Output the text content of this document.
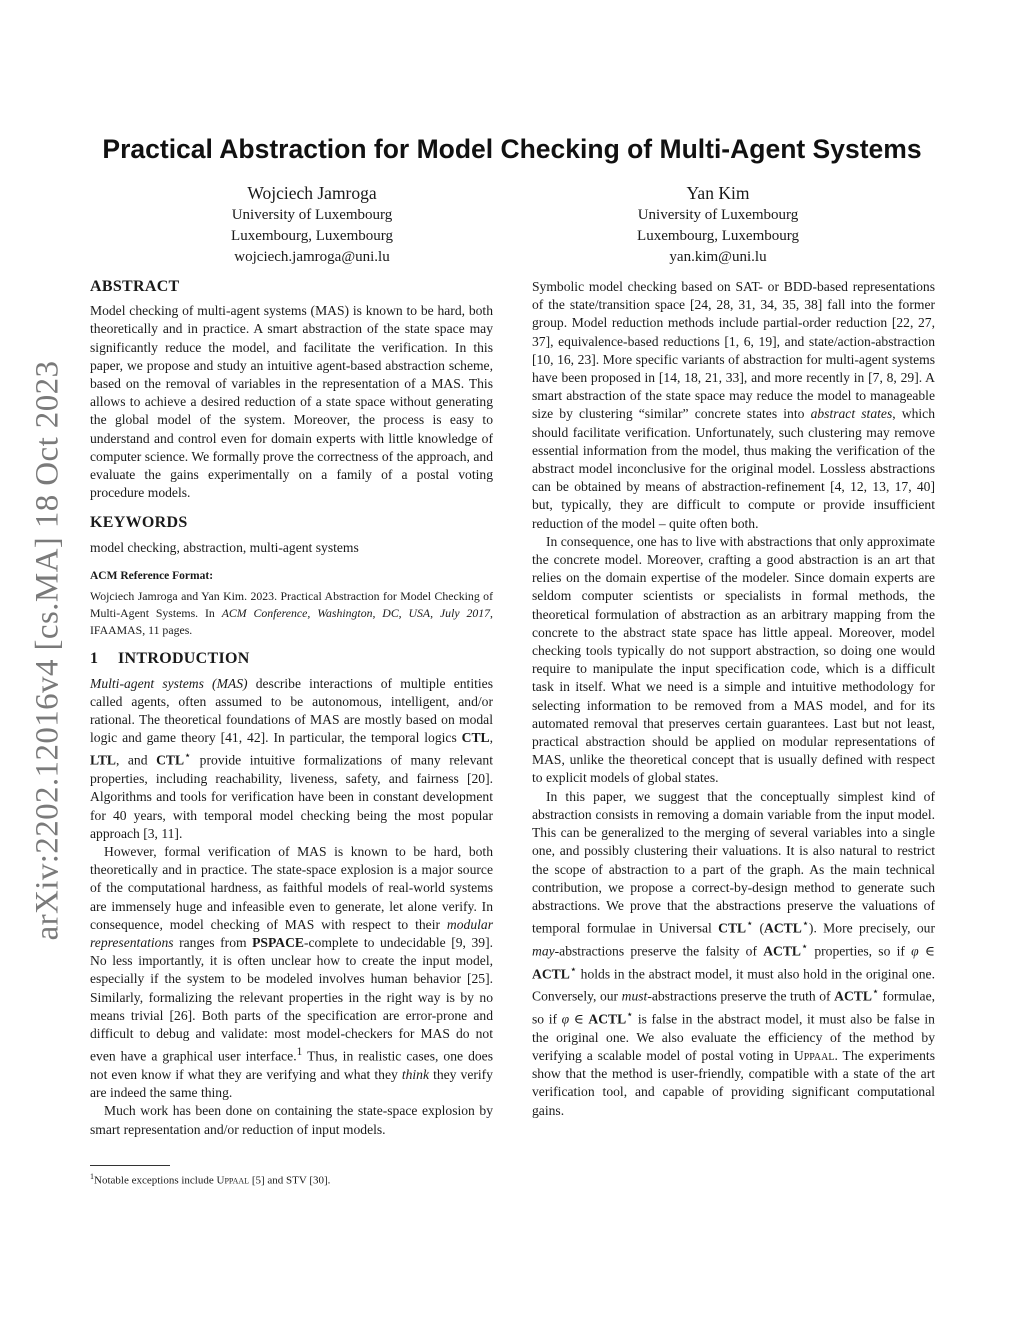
arXiv:2202.12016v4 [cs.MA] 18 Oct 2023
Practical Abstraction for Model Checking of Multi-Agent Systems
Wojciech Jamroga
University of Luxembourg
Luxembourg, Luxembourg
wojciech.jamroga@uni.lu
Yan Kim
University of Luxembourg
Luxembourg, Luxembourg
yan.kim@uni.lu
ABSTRACT

Model checking of multi-agent systems (MAS) is known to be hard, both theoretically and in practice. A smart abstraction of the state space may significantly reduce the model, and facilitate the verification. In this paper, we propose and study an intuitive agent-based abstraction scheme, based on the removal of variables in the representation of a MAS. This allows to achieve a desired reduction of a state space without generating the global model of the system. Moreover, the process is easy to understand and control even for domain experts with little knowledge of computer science. We formally prove the correctness of the approach, and evaluate the gains experimentally on a family of a postal voting procedure models.

KEYWORDS

model checking, abstraction, multi-agent systems

ACM Reference Format:

Wojciech Jamroga and Yan Kim. 2023. Practical Abstraction for Model Checking of Multi-Agent Systems. In ACM Conference, Washington, DC, USA, July 2017, IFAAMAS, 11 pages.

1 INTRODUCTION

Multi-agent systems (MAS) describe interactions of multiple entities called agents, often assumed to be autonomous, intelligent, and/or rational. The theoretical foundations of MAS are mostly based on modal logic and game theory [41, 42]. In particular, the temporal logics CTL, LTL, and CTL⋆ provide intuitive formalizations of many relevant properties, including reachability, liveness, safety, and fairness [20]. Algorithms and tools for verification have been in constant development for 40 years, with temporal model checking being the most popular approach [3, 11].

However, formal verification of MAS is known to be hard, both theoretically and in practice. The state-space explosion is a major source of the computational hardness, as faithful models of real-world systems are immensely huge and infeasible even to generate, let alone verify. In consequence, model checking of MAS with respect to their modular representations ranges from PSPACE-complete to undecidable [9, 39]. No less importantly, it is often unclear how to create the input model, especially if the system to be modeled involves human behavior [25]. Similarly, formalizing the relevant properties in the right way is by no means trivial [26]. Both parts of the specification are error-prone and difficult to debug and validate: most model-checkers for MAS do not even have a graphical user interface.$^1$ Thus, in realistic cases, one does not even know if what they are verifying and what they think they verify are indeed the same thing.

Much work has been done on containing the state-space explosion by smart representation and/or reduction of input models.

Symbolic model checking based on SAT- or BDD-based representations of the state/transition space [24, 28, 31, 34, 35, 38] fall into the former group. Model reduction methods include partial-order reduction [22, 27, 37], equivalence-based reductions [1, 6, 19], and state/action-abstraction [10, 16, 23]. More specific variants of abstraction for multi-agent systems have been proposed in [14, 18, 21, 33], and more recently in [7, 8, 29]. A smart abstraction of the state space may reduce the model to manageable size by clustering “similar” concrete states into abstract states, which should facilitate verification. Unfortunately, such clustering may remove essential information from the model, thus making the verification of the abstract model inconclusive for the original model. Lossless abstractions can be obtained by means of abstraction-refinement [4, 12, 13, 17, 40] but, typically, they are difficult to compute or provide insufficient reduction of the model – quite often both.

In consequence, one has to live with abstractions that only approximate the concrete model. Moreover, crafting a good abstraction is an art that relies on the domain expertise of the modeler. Since domain experts are seldom computer scientists or specialists in formal methods, the theoretical formulation of abstraction as an arbitrary mapping from the concrete to the abstract state space has little appeal. Moreover, model checking tools typically do not support abstraction, so doing one would require to manipulate the input specification code, which is a difficult task in itself. What we need is a simple and intuitive methodology for selecting information to be removed from a MAS model, and for its automated removal that preserves certain guarantees. Last but not least, practical abstraction should be applied on modular representations of MAS, unlike the theoretical concept that is usually defined with respect to explicit models of global states.

In this paper, we suggest that the conceptually simplest kind of abstraction consists in removing a domain variable from the input model. This can be generalized to the merging of several variables into a single one, and possibly clustering their valuations. It is also natural to restrict the scope of abstraction to a part of the graph. As the main technical contribution, we propose a correct-by-design method to generate such abstractions. We prove that the abstractions preserve the valuations of temporal formulae in Universal CTL⋆ (ACTL⋆). More precisely, our may-abstractions preserve the falsity of ACTL⋆ properties, so if φ ∈ ACTL⋆ holds in the abstract model, it must also hold in the original one. Conversely, our must-abstractions preserve the truth of ACTL⋆ formulae, so if φ ∈ ACTL⋆ is false in the abstract model, it must also be false in the original one. We also evaluate the efficiency of the method by verifying a scalable model of postal voting in Uppaal. The experiments show that the method is user-friendly, compatible with a state of the art verification tool, and capable of providing significant computational gains.

$^1$Notable exceptions include Uppaal [5] and STV [30].
